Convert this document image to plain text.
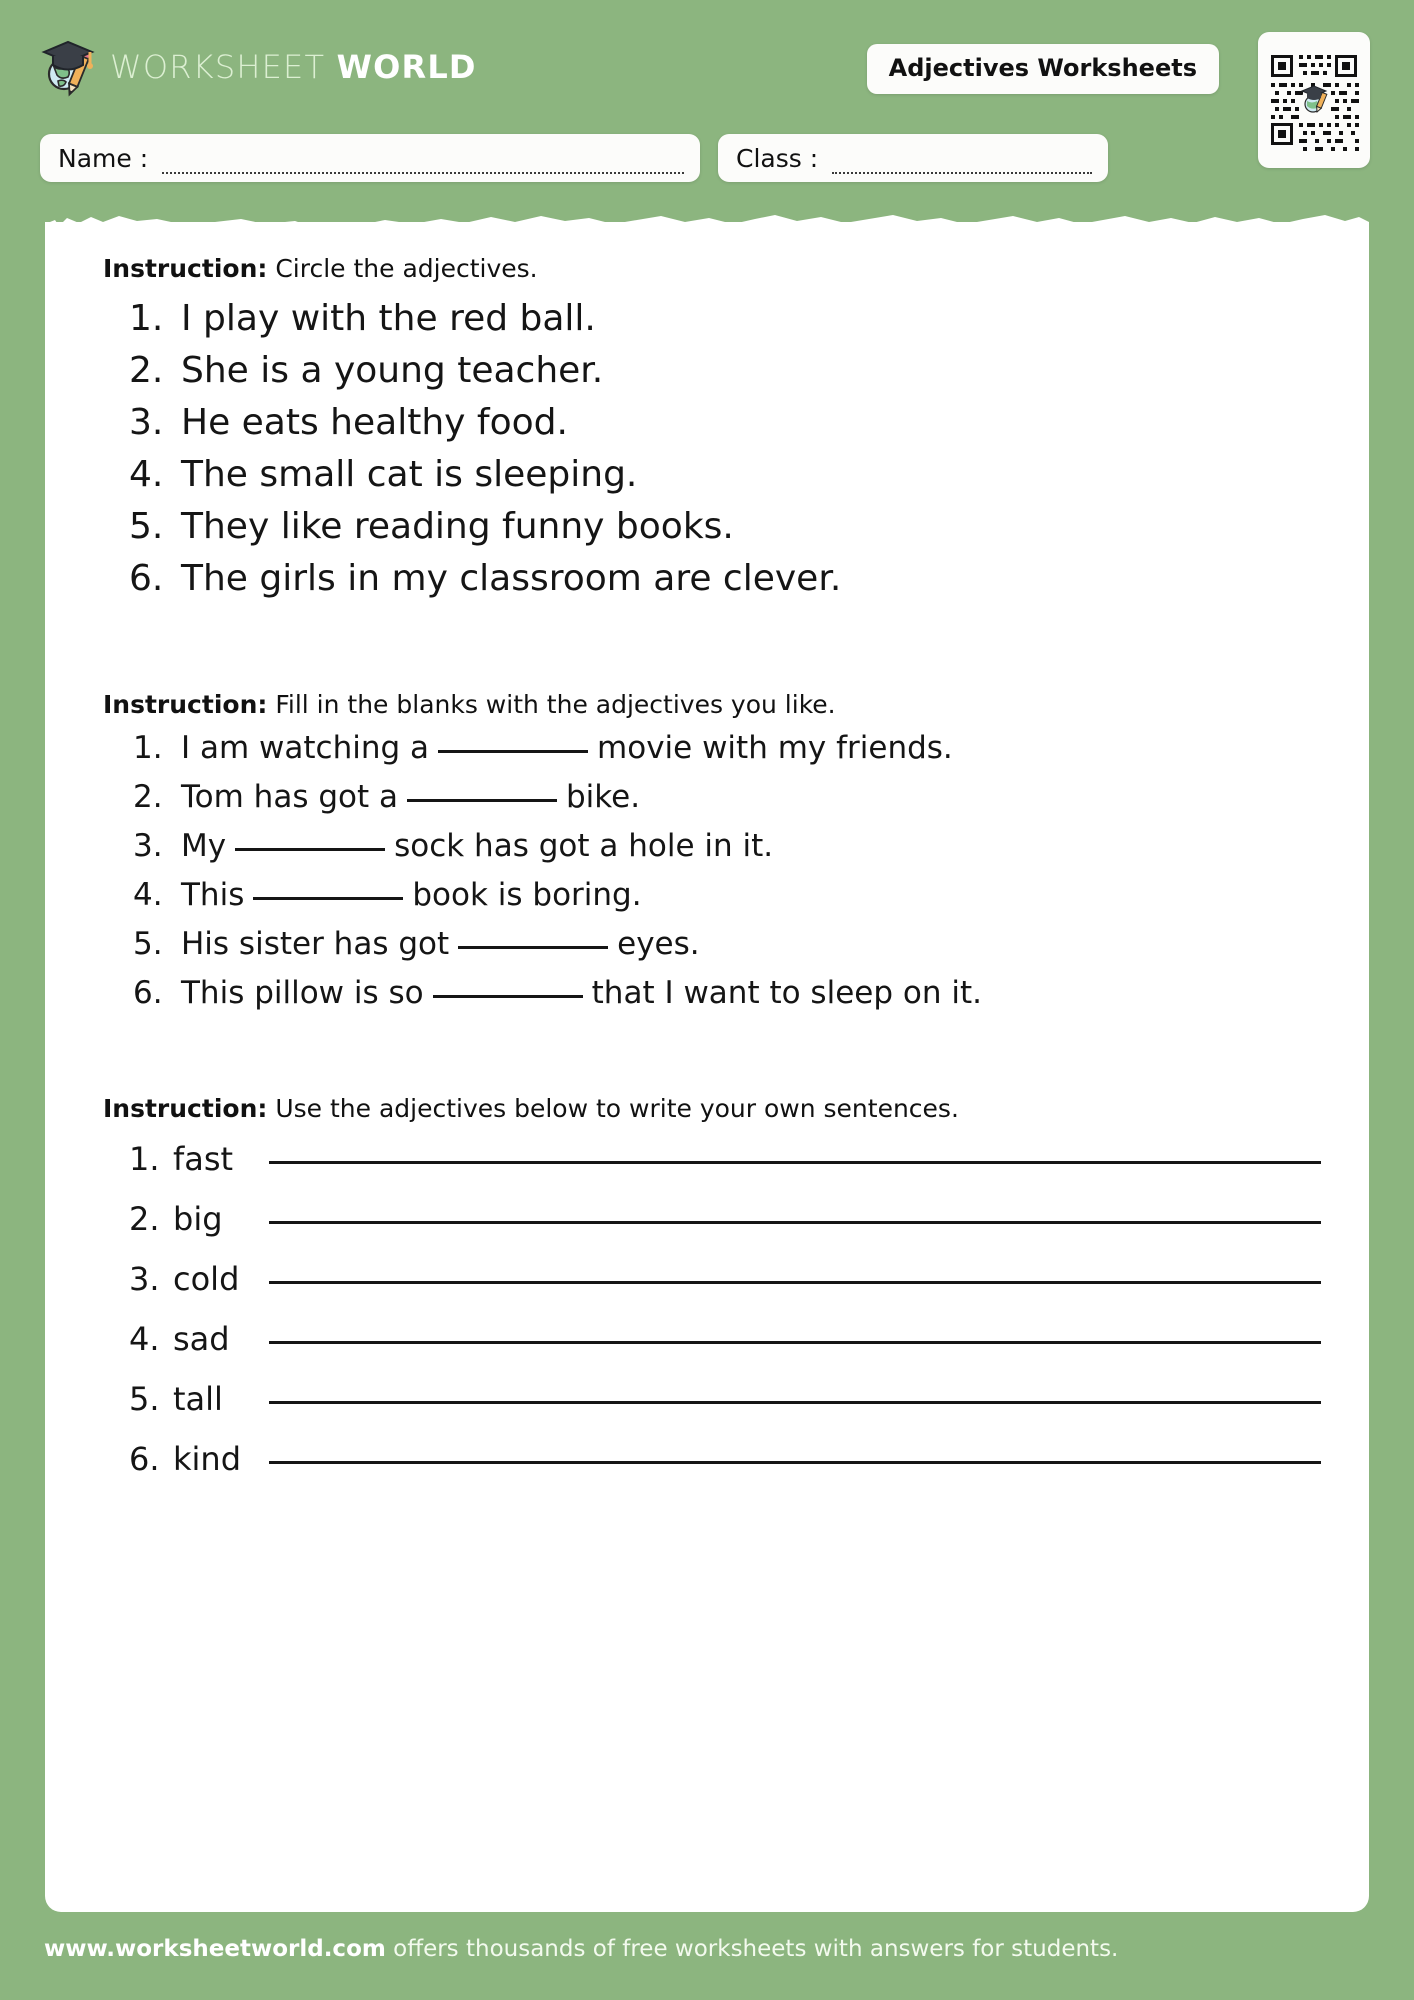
WORKSHEET WORLD	Adjectives Worksheets
Name :	Class :
Instruction: Circle the adjectives.
1. I play with the red ball.
2. She is a young teacher.
3. He eats healthy food.
4. The small cat is sleeping.
5. They like reading funny books.
6. The girls in my classroom are clever.
Instruction: Fill in the blanks with the adjectives you like.
1. I am watching a	movie with my friends.
2. Tom has got a	bike.
3. My	sock has got a hole in it.
4. This	book is boring.
5. His sister has got	eyes.
6. This pillow is so	that I want to sleep on it.
Instruction: Use the adjectives below to write your own sentences.
1. fast
2. big
3. cold
4. sad
5. tall
6. kind
www.worksheetworld.com offers thousands of free worksheets with answers for students.
